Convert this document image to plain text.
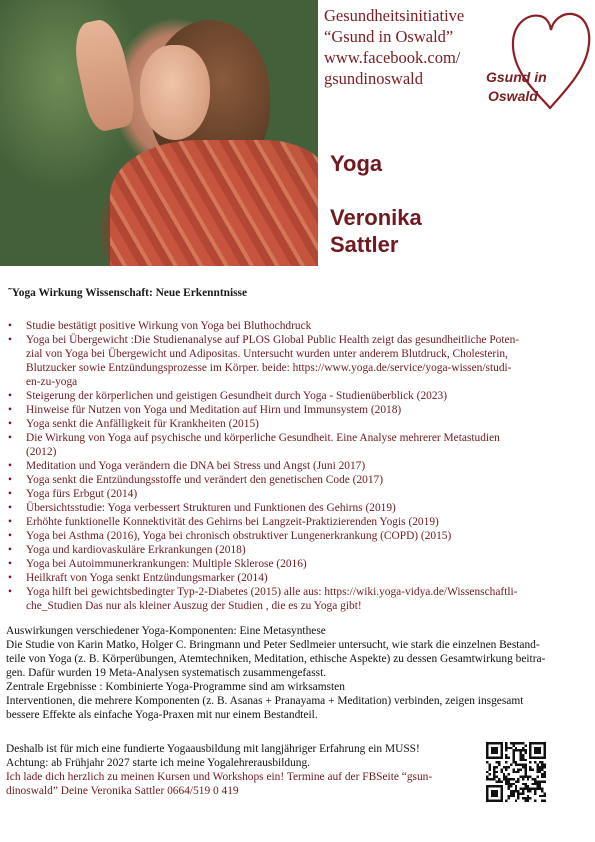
Gesundheitsinitiative
“Gsund in Oswald”
www.facebook.com/
gsundinoswald	Gsund in
Oswald
Yoga
Veronika
Sattler
˜Yoga Wirkung Wissenschaft: Neue Erkenntnisse
• Studie bestätigt positive Wirkung von Yoga bei Bluthochdruck
• Yoga bei Übergewicht :Die Studienanalyse auf PLOS Global Public Health zeigt das gesundheitliche Poten-
zial von Yoga bei Übergewicht und Adipositas. Untersucht wurden unter anderem Blutdruck, Cholesterin,
Blutzucker sowie Entzündungsprozesse im Körper. beide: https://www.yoga.de/service/yoga-wissen/studi-
en-zu-yoga
• Steigerung der körperlichen und geistigen Gesundheit durch Yoga - Studienüberblick (2023)
• Hinweise für Nutzen von Yoga und Meditation auf Hirn und Immunsystem (2018)
• Yoga senkt die Anfälligkeit für Krankheiten (2015)
• Die Wirkung von Yoga auf psychische und körperliche Gesundheit. Eine Analyse mehrerer Metastudien
(2012)
• Meditation und Yoga verändern die DNA bei Stress und Angst (Juni 2017)
• Yoga senkt die Entzündungsstoffe und verändert den genetischen Code (2017)
• Yoga fürs Erbgut (2014)
• Übersichtsstudie: Yoga verbessert Strukturen und Funktionen des Gehirns (2019)
• Erhöhte funktionelle Konnektivität des Gehirns bei Langzeit-Praktizierenden Yogis (2019)
• Yoga bei Asthma (2016), Yoga bei chronisch obstruktiver Lungenerkrankung (COPD) (2015)
• Yoga und kardiovaskuläre Erkrankungen (2018)
• Yoga bei Autoimmunerkrankungen: Multiple Sklerose (2016)
• Heilkraft von Yoga senkt Entzündungsmarker (2014)
• Yoga hilft bei gewichtsbedingter Typ-2-Diabetes (2015) alle aus: https://wiki.yoga-vidya.de/Wissenschaftli-
che_Studien Das nur als kleiner Auszug der Studien , die es zu Yoga gibt!
Auswirkungen verschiedener Yoga-Komponenten: Eine Metasynthese
Die Studie von Karin Matko, Holger C. Bringmann und Peter Sedlmeier untersucht, wie stark die einzelnen Bestand-
teile von Yoga (z. B. Körperübungen, Atemtechniken, Meditation, ethische Aspekte) zu dessen Gesamtwirkung beitra-
gen. Dafür wurden 19 Meta-Analysen systematisch zusammengefasst.
Zentrale Ergebnisse : Kombinierte Yoga-Programme sind am wirksamsten
Interventionen, die mehrere Komponenten (z. B. Asanas + Pranayama + Meditation) verbinden, zeigen insgesamt
bessere Effekte als einfache Yoga-Praxen mit nur einem Bestandteil.
Deshalb ist für mich eine fundierte Yogaausbildung mit langjähriger Erfahrung ein MUSS!
Achtung: ab Frühjahr 2027 starte ich meine Yogalehrerausbildung.
Ich lade dich herzlich zu meinen Kursen und Workshops ein! Termine auf der FBSeite “gsun-
dinoswald” Deine Veronika Sattler 0664/519 0 419
